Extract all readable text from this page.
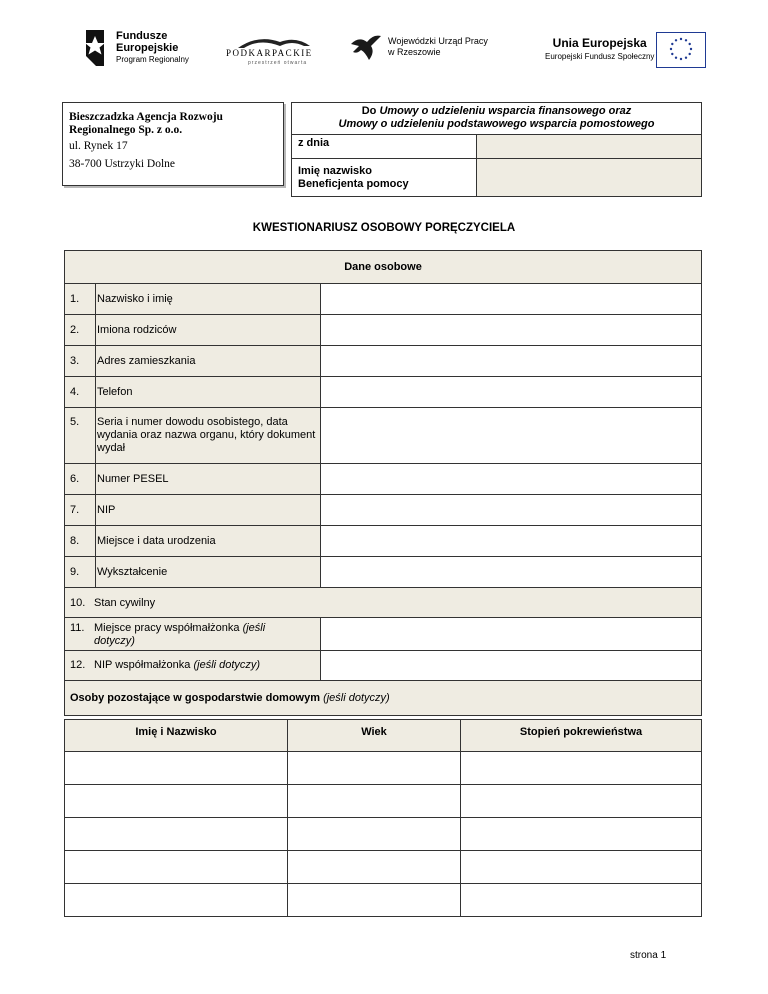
Fundusze
Europejskie
Program Regionalny
PODKARPACKIE
przestrzeń otwarta
Wojewódzki Urząd Pracy
w Rzeszowie
Unia Europejska
Europejski Fundusz Społeczny
Bieszczadzka Agencja Rozwoju Regionalnego Sp. z o.o.
ul. Rynek 17
38-700 Ustrzyki Dolne
Do Umowy o udzieleniu wsparcia finansowego oraz
Umowy o udzieleniu podstawowego wsparcia pomostowego	
z dnia	

Imię nazwisko
Beneficjenta pomocy	

KWESTIONARIUSZ OSOBOWY PORĘCZYCIELA
Dane osobowe		
1.	Nazwisko i imię	
2.	Imiona rodziców	
3.	Adres zamieszkania	
4.	Telefon	
5.	Seria i numer dowodu osobistego, data wydania oraz nazwa organu, który dokument wydał	
6.	Numer PESEL	
7.	NIP	
8.	Miejsce i data urodzenia	
9.	Wykształcenie	
10. Stan cywilny		

11. Miejsce pracy współmałżonka (jeśli dotyczy)		

12. NIP współmałżonka (jeśli dotyczy)		
Osoby pozostające w gospodarstwie domowym (jeśli dotyczy)		
Imię i Nazwisko	Wiek	Stopień pokrewieństwa

strona 1
